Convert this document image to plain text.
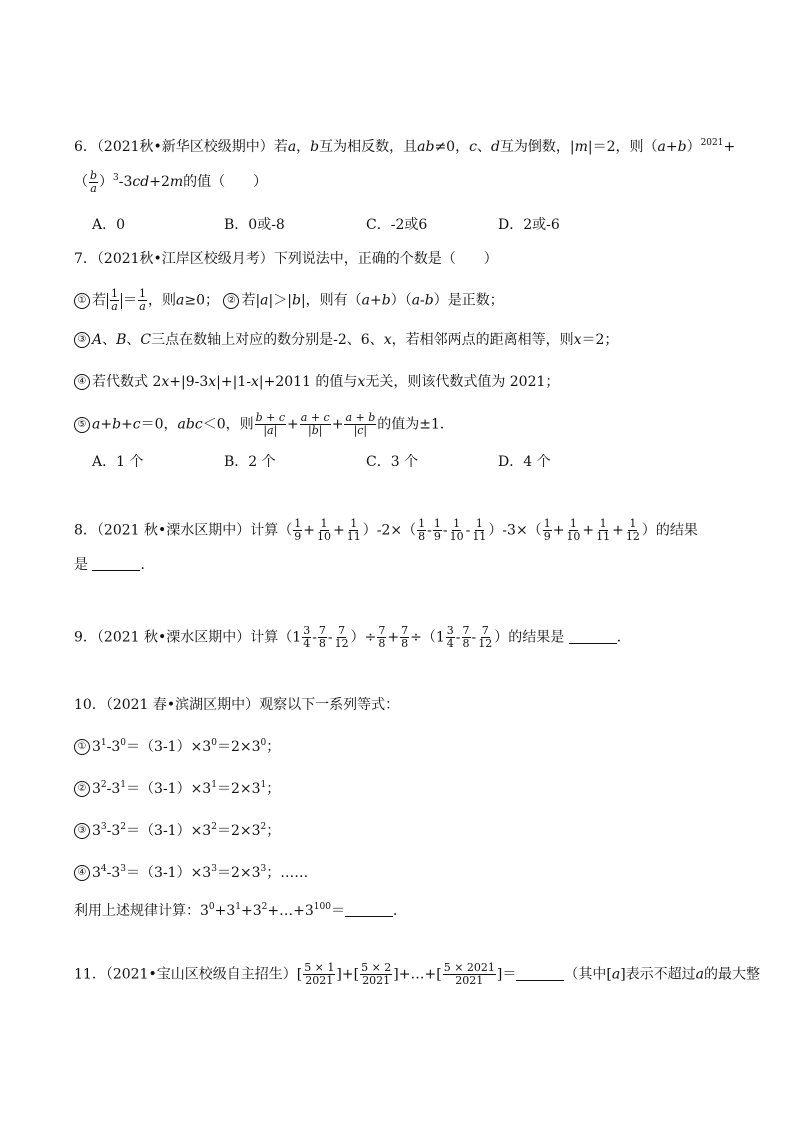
6．（2021秋•新华区校级期中）若a，b互为相反数，且ab≠0，c、d互为倒数，|m|＝2，则$(a+b)^{2021}+$
（ $\frac{b}{a} )^3-3cd+2m$的值（　　）
A．0	B．0或-8	C．-2或6	D．2或-6
7．（2021秋•江岸区校级月考）下列说法中，正确的个数是（　　）
① 若 $\frac{1}{a} = \frac{1}{a}$ ，则a≥0； ② 若|a|＞|b|，则有（a+b）（a-b）是正数；
③ A、B、C三点在数轴上对应的数分别是-2、6、x，若相邻两点的距离相等，则x＝2；
④ 若代数式 2x+|9-3x|+|1-x|+2011 的值与x无关，则该代数式值为 2021；
⑤ a+b+c＝0，abc＜0，则 $\frac{b + c}{|a|} + \frac{a + c}{|b|} + \frac{a + b}{|c|}$ 的值为±1．
A．1 个	B．2 个	C．3 个	D．4 个
8．（2021 秋•溧水区期中）计算（ $\frac{1}{9} + \frac{1}{10} + \frac{1}{11} )-2\times( \frac{1}{8} - \frac{1}{9} - \frac{1}{10} - \frac{1}{11} )-3\times( \frac{1}{9} + \frac{1}{10} + \frac{1}{11} + \frac{1}{12}$ ）的结果
是	．
9．（2021 秋•溧水区期中）计算（$1 \frac{3}{4} - \frac{7}{8} - \frac{7}{12}$ ）÷ $\frac{7}{8} + \frac{7}{8} \div(1 \frac{3}{4} - \frac{7}{8} - \frac{7}{12}$ ）的结果是	．
10．（2021 春•滨湖区期中）观察以下一系列等式：
① $3^1-3^0=(3-1)\times 3^0=2\times 3^0$；
② $3^2-3^1=(3-1)\times 3^1=2\times 3^1$；
③ $3^3-3^2=(3-1)\times 3^2=2\times 3^2$；
④ $3^4-3^3=(3-1)\times 3^3=2\times 3^3$；……
利用上述规律计算：$3^0+3^1+3^2+\dots+3^{100}=$	．
11．（2021•宝山区校级自主招生）[ $\frac{5 \times 1}{2021}$ ]+[ $\frac{5 \times 2}{2021}$ ]+…+[ $\frac{5 \times 2021}{2021}$ ]＝	（其中[a]表示不超过a的最大整
